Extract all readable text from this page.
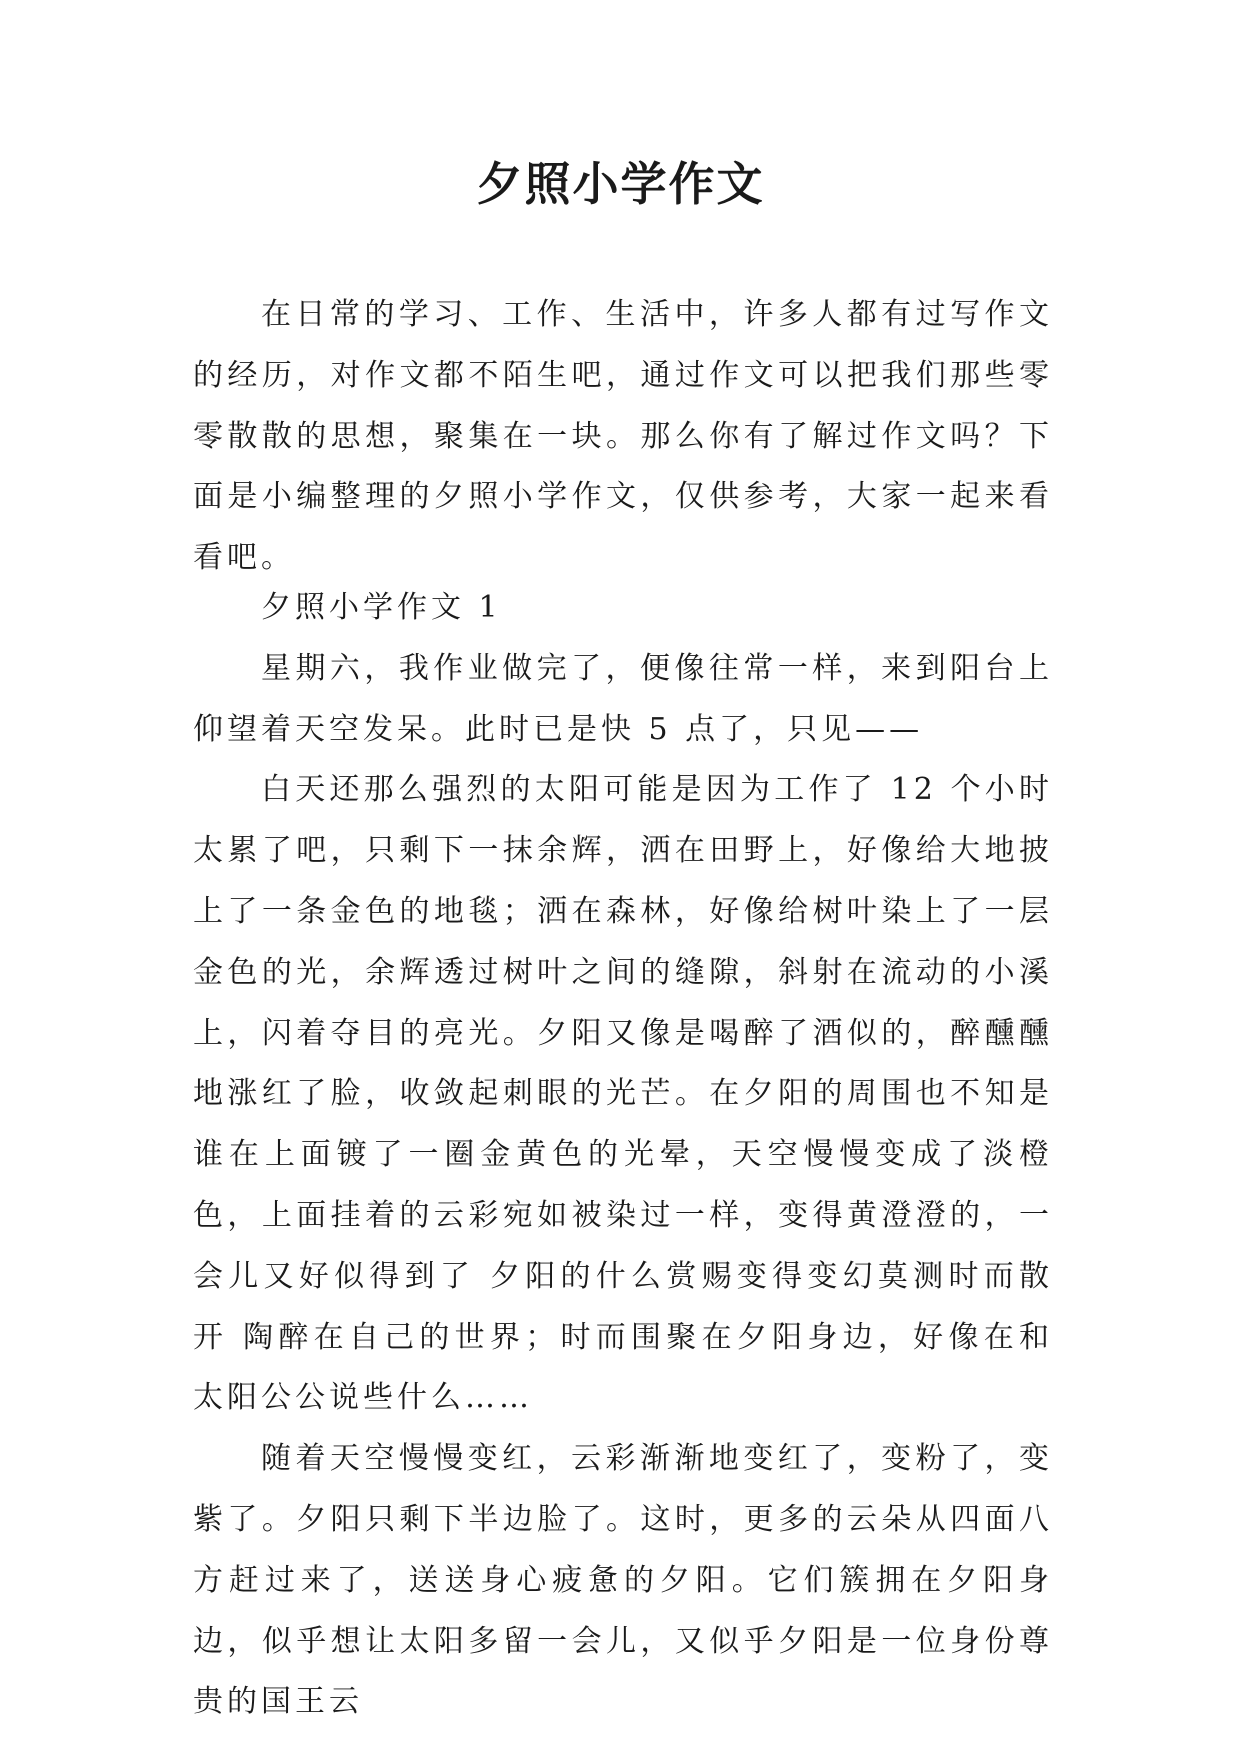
夕照小学作文

在日常的学习、工作、生活中，许多人都有过写作文的经历，对作文都不陌生吧，通过作文可以把我们那些零零散散的思想，聚集在一块。那么你有了解过作文吗？下面是小编整理的夕照小学作文，仅供参考，大家一起来看看吧。

夕照小学作文 1

星期六，我作业做完了，便像往常一样，来到阳台上仰望着天空发呆。此时已是快 5 点了，只见——

白天还那么强烈的太阳可能是因为工作了 12 个小时太累了吧，只剩下一抹余辉，洒在田野上，好像给大地披上了一条金色的地毯；洒在森林，好像给树叶染上了一层金色的光，余辉透过树叶之间的缝隙，斜射在流动的小溪上，闪着夺目的亮光。夕阳又像是喝醉了酒似的，醉醺醺地涨红了脸，收敛起刺眼的光芒。在夕阳的周围也不知是谁在上面镀了一圈金黄色的光晕，天空慢慢变成了淡橙色，上面挂着的云彩宛如被染过一样，变得黄澄澄的，一会儿又好似得到了 夕阳的什么赏赐变得变幻莫测时而散开 陶醉在自己的世界；时而围聚在夕阳身边，好像在和太阳公公说些什么……

随着天空慢慢变红，云彩渐渐地变红了，变粉了，变紫了。夕阳只剩下半边脸了。这时，更多的云朵从四面八方赶过来了，送送身心疲惫的夕阳。它们簇拥在夕阳身边，似乎想让太阳多留一会儿，又似乎夕阳是一位身份尊贵的国王云
